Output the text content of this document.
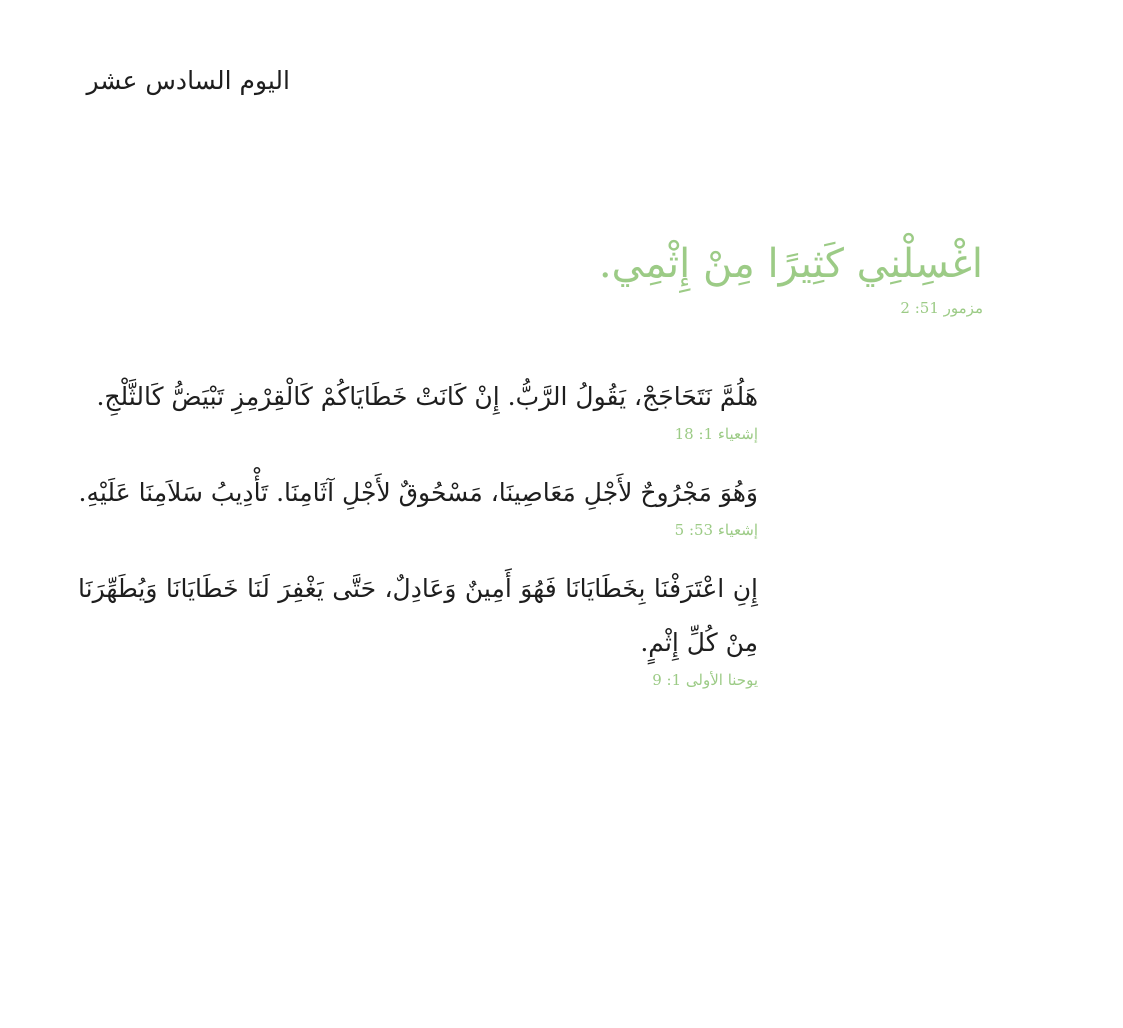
اليوم السادس عشر
اغْسِلْنِي كَثِيرًا مِنْ إِثْمِي.
مزمور 51: 2
هَلُمَّ نَتَحَاجَجْ، يَقُولُ الرَّبُّ. إِنْ كَانَتْ خَطَايَاكُمْ كَالْقِرْمِزِ تَبْيَضُّ كَالثَّلْجِ.
إشعياء 1: 18
وَهُوَ مَجْرُوحٌ لأَجْلِ مَعَاصِينَا، مَسْحُوقٌ لأَجْلِ آثَامِنَا. تَأْدِيبُ سَلاَمِنَا عَلَيْهِ.
إشعياء 53: 5
إِنِ اعْتَرَفْنَا بِخَطَايَانَا فَهُوَ أَمِينٌ وَعَادِلٌ، حَتَّى يَغْفِرَ لَنَا خَطَايَانَا وَيُطَهِّرَنَا مِنْ كُلِّ إِثْمٍ.
يوحنا الأولى 1: 9
